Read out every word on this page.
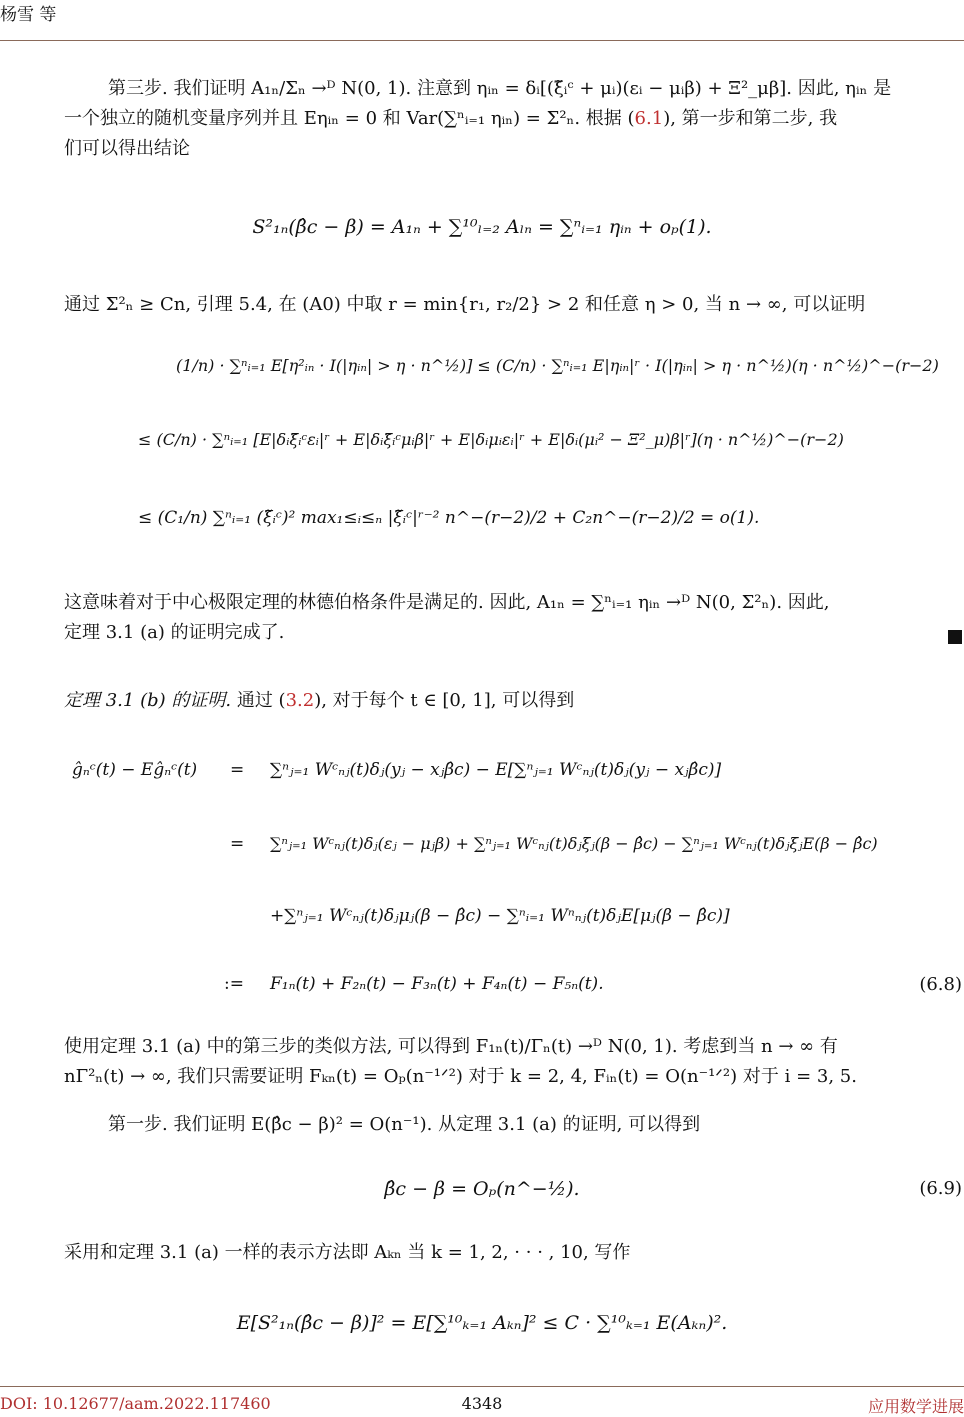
杨雪 等
第三步. 我们证明 A₁ₙ/Σₙ →ᴰ N(0, 1). 注意到 ηᵢₙ = δᵢ[(ξ̃ᵢᶜ + μᵢ)(εᵢ − μᵢβ) + Ξ²_μβ]. 因此, ηᵢₙ 是
一个独立的随机变量序列并且 Eηᵢₙ = 0 和 Var(∑ⁿᵢ₌₁ ηᵢₙ) = Σ²ₙ. 根据 (6.1), 第一步和第二步, 我
们可以得出结论
S²₁ₙ(β̂c − β) = A₁ₙ + ∑¹⁰ₗ₌₂ Aₗₙ = ∑ⁿᵢ₌₁ ηᵢₙ + oₚ(1).
通过 Σ²ₙ ≥ Cn, 引理 5.4, 在 (A0) 中取 r = min{r₁, r₂/2} > 2 和任意 η > 0, 当 n → ∞, 可以证明
(1/n) · ∑ⁿᵢ₌₁ E[η²ᵢₙ · I(|ηᵢₙ| > η · n^½)] ≤ (C/n) · ∑ⁿᵢ₌₁ E|ηᵢₙ|ʳ · I(|ηᵢₙ| > η · n^½)(η · n^½)^−(r−2)
≤ (C/n) · ∑ⁿᵢ₌₁ [E|δᵢξ̃ᵢᶜεᵢ|ʳ + E|δᵢξ̃ᵢᶜμᵢβ|ʳ + E|δᵢμᵢεᵢ|ʳ + E|δᵢ(μᵢ² − Ξ²_μ)β|ʳ](η · n^½)^−(r−2)
≤ (C₁/n) ∑ⁿᵢ₌₁ (ξ̃ᵢᶜ)² max₁≤ᵢ≤ₙ |ξ̃ᵢᶜ|ʳ⁻² n^−(r−2)/2 + C₂n^−(r−2)/2 = o(1).
这意味着对于中心极限定理的林德伯格条件是满足的. 因此, A₁ₙ = ∑ⁿᵢ₌₁ ηᵢₙ →ᴰ N(0, Σ²ₙ). 因此,
定理 3.1 (a) 的证明完成了.
定理 3.1 (b) 的证明. 通过 (3.2), 对于每个 t ∈ [0, 1], 可以得到
ĝₙᶜ(t) − Eĝₙᶜ(t) = ∑ⁿⱼ₌₁ Wᶜₙⱼ(t)δⱼ(yⱼ − xⱼβ̂c) − E[∑ⁿⱼ₌₁ Wᶜₙⱼ(t)δⱼ(yⱼ − xⱼβ̂c)]
= ∑ⁿⱼ₌₁ Wᶜₙⱼ(t)δⱼ(εⱼ − μⱼβ) + ∑ⁿⱼ₌₁ Wᶜₙⱼ(t)δⱼξⱼ(β − β̂c) − ∑ⁿⱼ₌₁ Wᶜₙⱼ(t)δⱼξⱼE(β − β̂c)
+∑ⁿⱼ₌₁ Wᶜₙⱼ(t)δⱼμⱼ(β − β̂c) − ∑ⁿᵢ₌₁ Wⁿₙⱼ(t)δⱼE[μⱼ(β − β̂c)]
:= F₁ₙ(t) + F₂ₙ(t) − F₃ₙ(t) + F₄ₙ(t) − F₅ₙ(t).	(6.8)
使用定理 3.1 (a) 中的第三步的类似方法, 可以得到 F₁ₙ(t)/Γₙ(t) →ᴰ N(0, 1). 考虑到当 n → ∞ 有
nΓ²ₙ(t) → ∞, 我们只需要证明 Fₖₙ(t) = Oₚ(n⁻¹ᐟ²) 对于 k = 2, 4, Fᵢₙ(t) = O(n⁻¹ᐟ²) 对于 i = 3, 5.
第一步. 我们证明 E(β̂c − β)² = O(n⁻¹). 从定理 3.1 (a) 的证明, 可以得到
β̂c − β = Oₚ(n^−½).	(6.9)
采用和定理 3.1 (a) 一样的表示方法即 Aₖₙ 当 k = 1, 2, · · · , 10, 写作
E[S²₁ₙ(β̂c − β)]² = E[∑¹⁰ₖ₌₁ Aₖₙ]² ≤ C · ∑¹⁰ₖ₌₁ E(Aₖₙ)².
4348
DOI: 10.12677/aam.2022.117460	应用数学进展
